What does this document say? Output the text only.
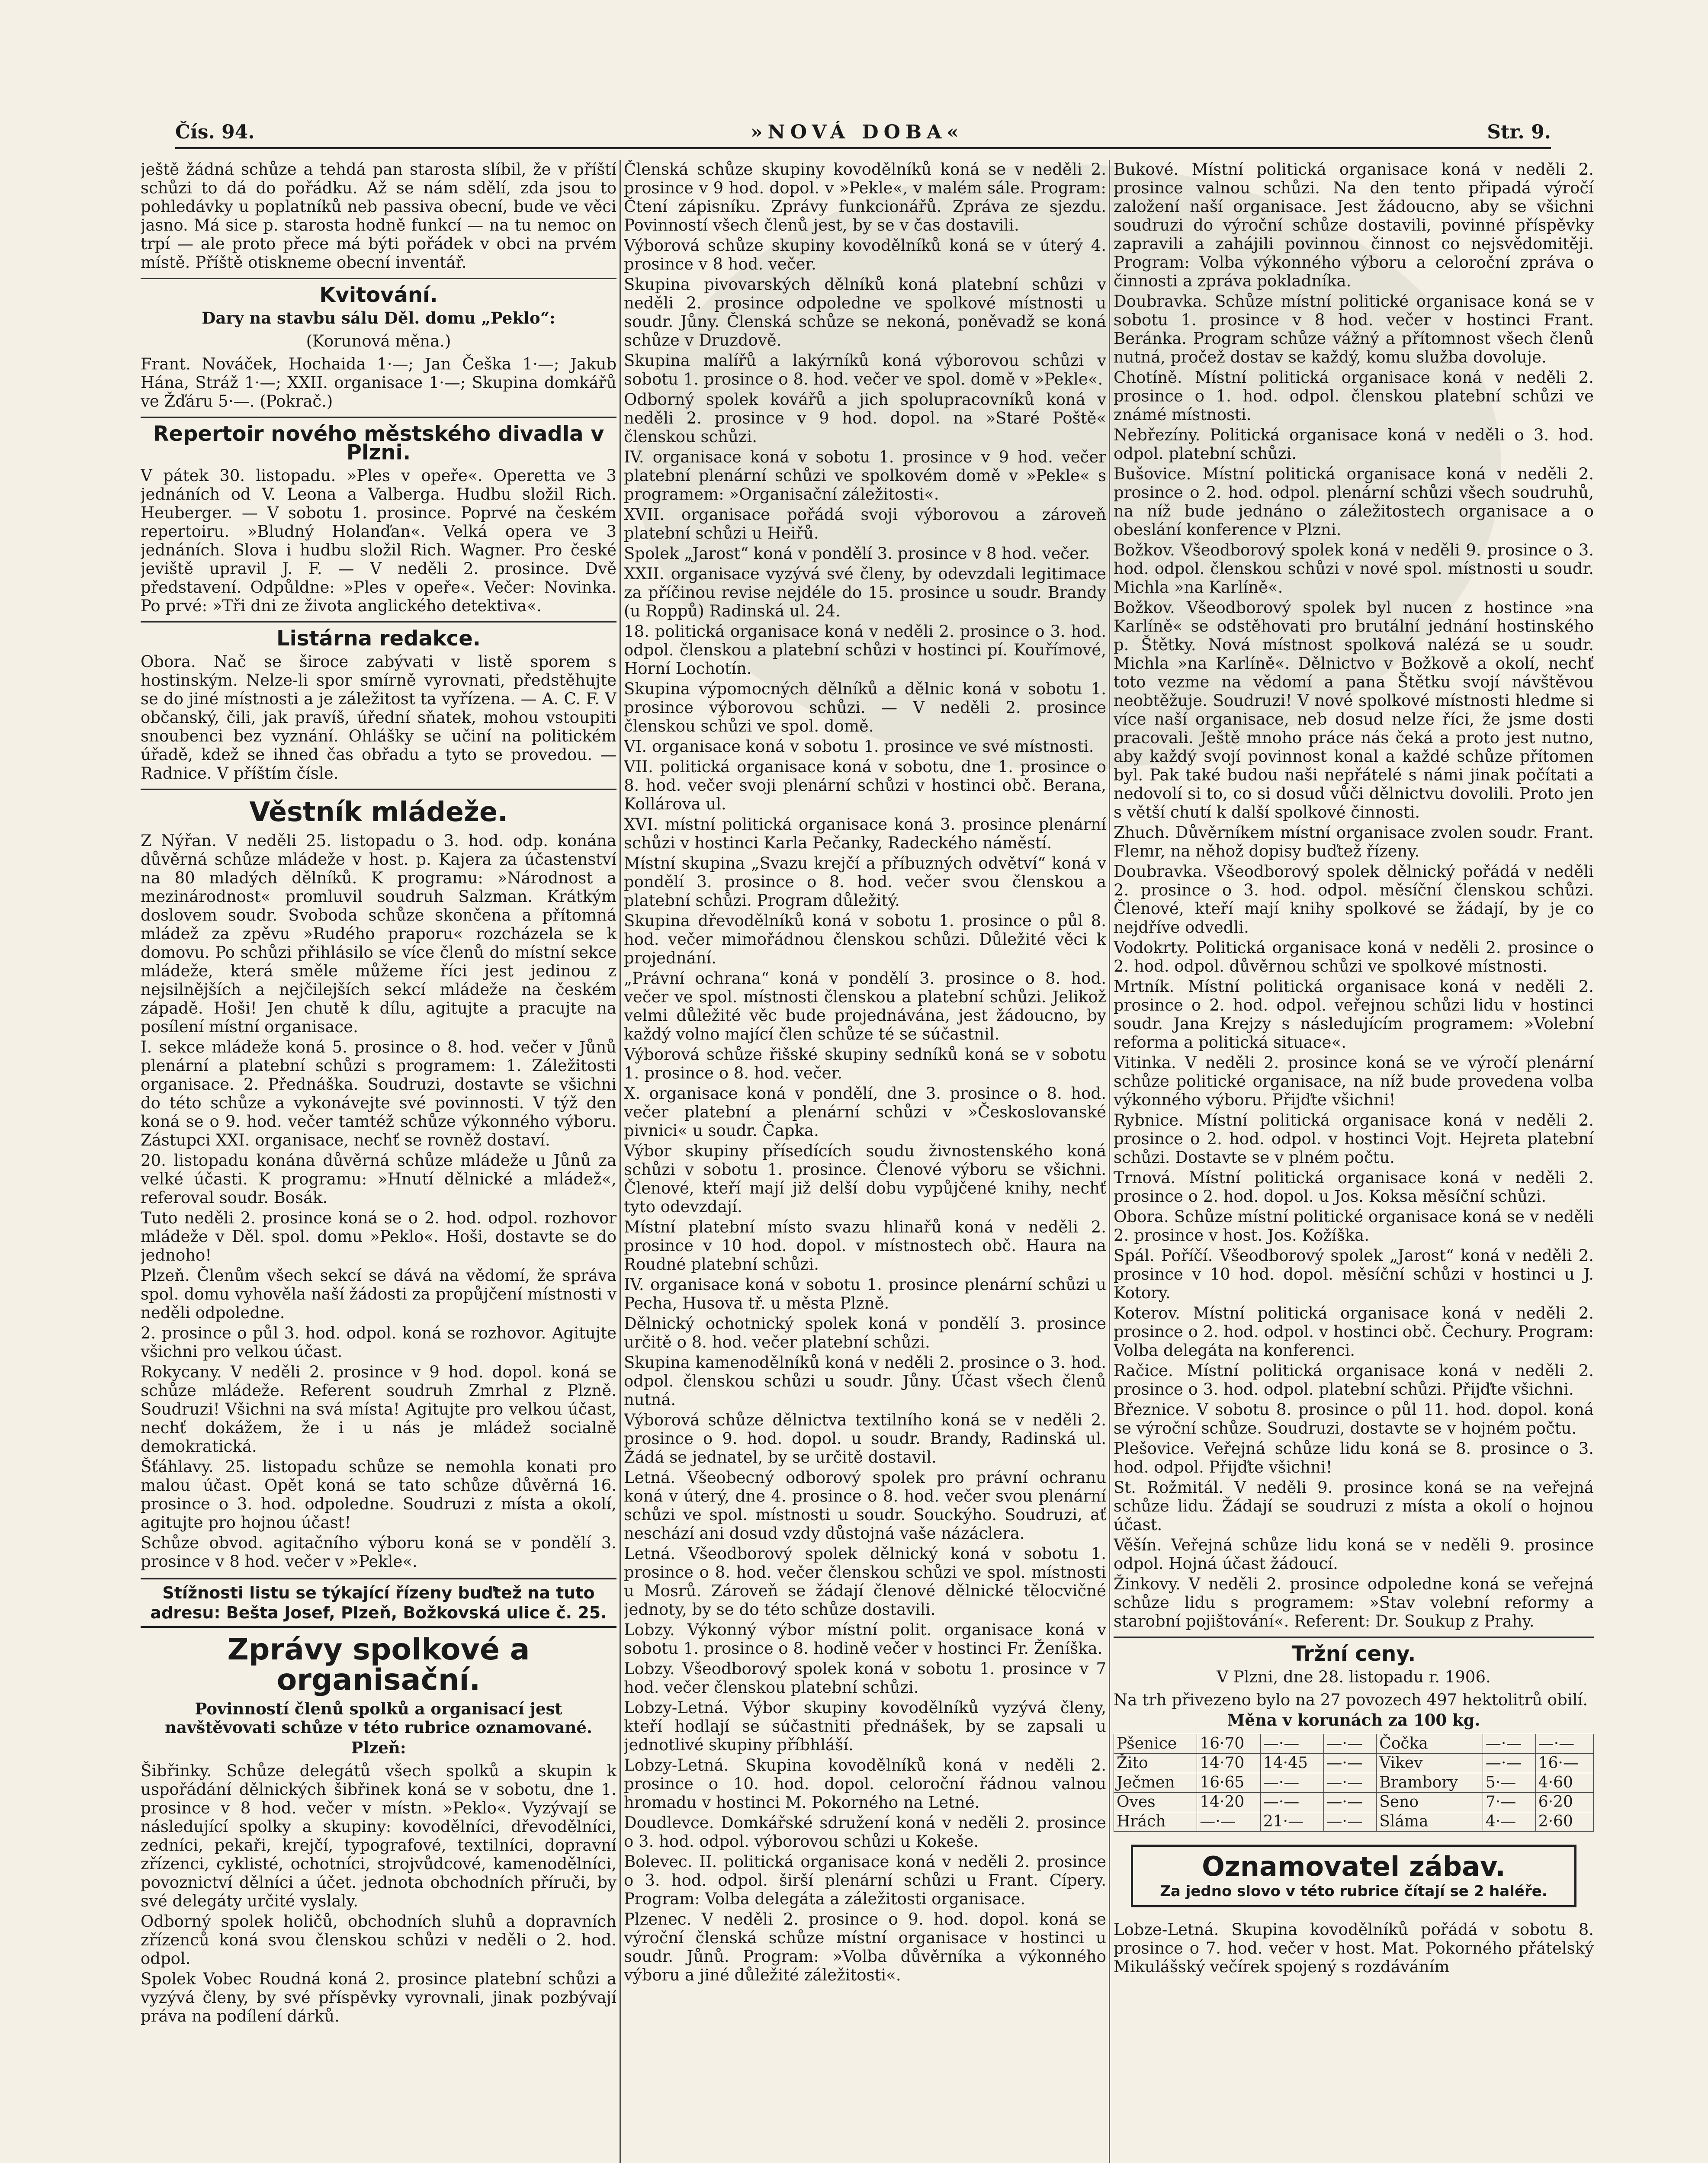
Čís. 94.	»NOVÁ DOBA«	Str. 9.

ještě žádná schůze a tehdá pan starosta slíbil, že v příští schůzi to dá do pořádku. Až se nám sdělí, zda jsou to pohledávky u poplatníků neb passiva obecní, bude ve věci jasno. Má sice p. starosta hodně funkcí — na tu nemoc on trpí — ale proto přece má býti pořádek v obci na prvém místě. Příště otiskneme obecní inventář.

Kvitování.
Dary na stavbu sálu Děl. domu „Peklo“:
(Korunová měna.)

Frant. Nováček, Hochaida 1·—; Jan Češka 1·—; Jakub Hána, Stráž 1·—; XXII. organisace 1·—; Skupina domkářů ve Žďáru 5·—. (Pokrač.)

Repertoir nového městského divadla v Plzni.

V pátek 30. listopadu. »Ples v opeře«. Operetta ve 3 jednáních od V. Leona a Valberga. Hudbu složil Rich. Heuberger. — V sobotu 1. prosince. Poprvé na českém repertoiru. »Bludný Holanďan«. Velká opera ve 3 jednáních. Slova i hudbu složil Rich. Wagner. Pro české jeviště upravil J. F. — V neděli 2. prosince. Dvě představení. Odpůldne: »Ples v opeře«. Večer: Novinka. Po prvé: »Tři dni ze života anglického detektiva«.

Listárna redakce.

Obora. Nač se široce zabývati v listě sporem s hostinským. Nelze-li spor smírně vyrovnati, předstěhujte se do jiné místnosti a je záležitost ta vyřízena. — A. C. F. V občanský, čili, jak pravíš, úřední sňatek, mohou vstoupiti snoubenci bez vyznání. Ohlášky se učiní na politickém úřadě, kdež se ihned čas obřadu a tyto se provedou. — Radnice. V příštím čísle.

Věstník mládeže.

Z Nýřan. V neděli 25. listopadu o 3. hod. odp. konána důvěrná schůze mládeže v host. p. Kajera za účastenství na 80 mladých dělníků. K programu: »Národnost a mezinárodnost« promluvil soudruh Salzman. Krátkým doslovem soudr. Svoboda schůze skončena a přítomná mládež za zpěvu »Rudého praporu« rozcházela se k domovu. Po schůzi přihlásilo se více členů do místní sekce mládeže, která směle můžeme říci jest jedinou z nejsilnějších a nejčilejších sekcí mládeže na českém západě. Hoši! Jen chutě k dílu, agitujte a pracujte na posílení místní organisace.

I. sekce mládeže koná 5. prosince o 8. hod. večer v Jůnů plenární a platební schůzi s programem: 1. Záležitosti organisace. 2. Přednáška. Soudruzi, dostavte se všichni do této schůze a vykonávejte své povinnosti. V týž den koná se o 9. hod. večer tamtéž schůze výkonného výboru. Zástupci XXI. organisace, nechť se rovněž dostaví.

20. listopadu konána důvěrná schůze mládeže u Jůnů za velké účasti. K programu: »Hnutí dělnické a mládež«, referoval soudr. Bosák.

Tuto neděli 2. prosince koná se o 2. hod. odpol. rozhovor mládeže v Děl. spol. domu »Peklo«. Hoši, dostavte se do jednoho!

Plzeň. Členům všech sekcí se dává na vědomí, že správa spol. domu vyhověla naší žádosti za propůjčení místnosti v neděli odpoledne.

2. prosince o půl 3. hod. odpol. koná se rozhovor. Agitujte všichni pro velkou účast.

Rokycany. V neděli 2. prosince v 9 hod. dopol. koná se schůze mládeže. Referent soudruh Zmrhal z Plzně. Soudruzi! Všichni na svá místa! Agitujte pro velkou účast, nechť dokážem, že i u nás je mládež socialně demokratická.

Šťáhlavy. 25. listopadu schůze se nemohla konati pro malou účast. Opět koná se tato schůze důvěrná 16. prosince o 3. hod. odpoledne. Soudruzi z místa a okolí, agitujte pro hojnou účast!

Schůze obvod. agitačního výboru koná se v pondělí 3. prosince v 8 hod. večer v »Pekle«.

Stížnosti listu se týkající řízeny buďtež na tuto adresu: Bešta Josef, Plzeň, Božkovská ulice č. 25.
Zprávy spolkové a organisační.

Povinností členů spolků a organisací jest navštěvovati schůze v této rubrice oznamované.

Plzeň:

Šibřinky. Schůze delegátů všech spolků a skupin k uspořádání dělnických šibřinek koná se v sobotu, dne 1. prosince v 8 hod. večer v místn. »Peklo«. Vyzývají se následující spolky a skupiny: kovodělníci, dřevodělníci, zedníci, pekaři, krejčí, typografové, textilníci, dopravní zřízenci, cyklisté, ochotníci, strojvůdcové, kamenodělníci, povoznictví dělníci a účet. jednota obchodních příruči, by své delegáty určité vyslaly.

Odborný spolek holičů, obchodních sluhů a dopravních zřízenců koná svou členskou schůzi v neděli o 2. hod. odpol.

Spolek Vobec Roudná koná 2. prosince platební schůzi a vyzývá členy, by své příspěvky vyrovnali, jinak pozbývají práva na podílení dárků.

Členská schůze skupiny kovodělníků koná se v neděli 2. prosince v 9 hod. dopol. v »Pekle«, v malém sále. Program: Čtení zápisníku. Zprávy funkcionářů. Zpráva ze sjezdu. Povinností všech členů jest, by se v čas dostavili.

Výborová schůze skupiny kovodělníků koná se v úterý 4. prosince v 8 hod. večer.

Skupina pivovarských dělníků koná platební schůzi v neděli 2. prosince odpoledne ve spolkové místnosti u soudr. Jůny. Členská schůze se nekoná, poněvadž se koná schůze v Druzdově.

Skupina malířů a lakýrníků koná výborovou schůzi v sobotu 1. prosince o 8. hod. večer ve spol. domě v »Pekle«.

Odborný spolek kovářů a jich spolupracovníků koná v neděli 2. prosince v 9 hod. dopol. na »Staré Poště« členskou schůzi.

IV. organisace koná v sobotu 1. prosince v 9 hod. večer platební plenární schůzi ve spolkovém domě v »Pekle« s programem: »Organisační záležitosti«.

XVII. organisace pořádá svoji výborovou a zároveň platební schůzi u Heiřů.

Spolek „Jarost“ koná v pondělí 3. prosince v 8 hod. večer.

XXII. organisace vyzývá své členy, by odevzdali legitimace za příčinou revise nejdéle do 15. prosince u soudr. Brandy (u Roppů) Radinská ul. 24.

18. politická organisace koná v neděli 2. prosince o 3. hod. odpol. členskou a platební schůzi v hostinci pí. Kouřímové, Horní Lochotín.

Skupina výpomocných dělníků a dělnic koná v sobotu 1. prosince výborovou schůzi. — V neděli 2. prosince členskou schůzi ve spol. domě.

VI. organisace koná v sobotu 1. prosince ve své místnosti.

VII. politická organisace koná v sobotu, dne 1. prosince o 8. hod. večer svoji plenární schůzi v hostinci obč. Berana, Kollárova ul.

XVI. místní politická organisace koná 3. prosince plenární schůzi v hostinci Karla Pečanky, Radeckého náměstí.

Místní skupina „Svazu krejčí a příbuzných odvětví“ koná v pondělí 3. prosince o 8. hod. večer svou členskou a platební schůzi. Program důležitý.

Skupina dřevodělníků koná v sobotu 1. prosince o půl 8. hod. večer mimořádnou členskou schůzi. Důležité věci k projednání.

„Právní ochrana“ koná v pondělí 3. prosince o 8. hod. večer ve spol. místnosti členskou a platební schůzi. Jelikož velmi důležité věc bude projednávána, jest žádoucno, by každý volno mající člen schůze té se súčastnil.

Výborová schůze řišské skupiny sedníků koná se v sobotu 1. prosince o 8. hod. večer.

X. organisace koná v pondělí, dne 3. prosince o 8. hod. večer platební a plenární schůzi v »Českoslovanské pivnici« u soudr. Čapka.

Výbor skupiny přísedících soudu živnostenského koná schůzi v sobotu 1. prosince. Členové výboru se všichni. Členové, kteří mají již delší dobu vypůjčené knihy, nechť tyto odevzdají.

Místní platební místo svazu hlinařů koná v neděli 2. prosince v 10 hod. dopol. v místnostech obč. Haura na Roudné platební schůzi.

IV. organisace koná v sobotu 1. prosince plenární schůzi u Pecha, Husova tř. u města Plzně.

Dělnický ochotnický spolek koná v pondělí 3. prosince určitě o 8. hod. večer platební schůzi.

Skupina kamenodělníků koná v neděli 2. prosince o 3. hod. odpol. členskou schůzi u soudr. Jůny. Účast všech členů nutná.

Výborová schůze dělnictva textilního koná se v neděli 2. prosince o 9. hod. dopol. u soudr. Brandy, Radinská ul. Žádá se jednatel, by se určitě dostavil.

Letná. Všeobecný odborový spolek pro právní ochranu koná v úterý, dne 4. prosince o 8. hod. večer svou plenární schůzi ve spol. místnosti u soudr. Souckýho. Soudruzi, ať neschází ani dosud vzdy důstojná vaše názáclera.

Letná. Všeodborový spolek dělnický koná v sobotu 1. prosince o 8. hod. večer členskou schůzi ve spol. místnosti u Mosrů. Zároveň se žádají členové dělnické tělocvičné jednoty, by se do této schůze dostavili.

Lobzy. Výkonný výbor místní polit. organisace koná v sobotu 1. prosince o 8. hodině večer v hostinci Fr. Ženíška.

Lobzy. Všeodborový spolek koná v sobotu 1. prosince v 7 hod. večer členskou platební schůzi.

Lobzy-Letná. Výbor skupiny kovodělníků vyzývá členy, kteří hodlají se súčastniti přednášek, by se zapsali u jednotlivé skupiny příbhláší.

Lobzy-Letná. Skupina kovodělníků koná v neděli 2. prosince o 10. hod. dopol. celoroční řádnou valnou hromadu v hostinci M. Pokorného na Letné.

Doudlevce. Domkářské sdružení koná v neděli 2. prosince o 3. hod. odpol. výborovou schůzi u Kokeše.

Bolevec. II. politická organisace koná v neděli 2. prosince o 3. hod. odpol. širší plenární schůzi u Frant. Cípery. Program: Volba delegáta a záležitosti organisace.

Plzenec. V neděli 2. prosince o 9. hod. dopol. koná se výroční členská schůze místní organisace v hostinci u soudr. Jůnů. Program: »Volba důvěrníka a výkonného výboru a jiné důležité záležitosti«.

Bukové. Místní politická organisace koná v neděli 2. prosince valnou schůzi. Na den tento připadá výročí založení naší organisace. Jest žádoucno, aby se všichni soudruzi do výroční schůze dostavili, povinné příspěvky zapravili a zahájili povinnou činnost co nejsvědomitěji. Program: Volba výkonného výboru a celoroční zpráva o činnosti a zpráva pokladníka.

Doubravka. Schůze místní politické organisace koná se v sobotu 1. prosince v 8 hod. večer v hostinci Frant. Beránka. Program schůze vážný a přítomnost všech členů nutná, pročež dostav se každý, komu služba dovoluje.

Chotíně. Místní politická organisace koná v neděli 2. prosince o 1. hod. odpol. členskou platební schůzi ve známé místnosti.

Nebřezíny. Politická organisace koná v neděli o 3. hod. odpol. platební schůzi.

Bušovice. Místní politická organisace koná v neděli 2. prosince o 2. hod. odpol. plenární schůzi všech soudruhů, na níž bude jednáno o záležitostech organisace a o obeslání konference v Plzni.

Božkov. Všeodborový spolek koná v neděli 9. prosince o 3. hod. odpol. členskou schůzi v nové spol. místnosti u soudr. Michla »na Karlíně«.

Božkov. Všeodborový spolek byl nucen z hostince »na Karlíně« se odstěhovati pro brutální jednání hostinského p. Štětky. Nová místnost spolková nalézá se u soudr. Michla »na Karlíně«. Dělnictvo v Božkově a okolí, nechť toto vezme na vědomí a pana Štětku svojí návštěvou neobtěžuje. Soudruzi! V nové spolkové místnosti hledme si více naší organisace, neb dosud nelze říci, že jsme dosti pracovali. Ještě mnoho práce nás čeká a proto jest nutno, aby každý svojí povinnost konal a každé schůze přítomen byl. Pak také budou naši nepřátelé s námi jinak počítati a nedovolí si to, co si dosud vůči dělnictvu dovolili. Proto jen s větší chutí k další spolkové činnosti.

Zhuch. Důvěrníkem místní organisace zvolen soudr. Frant. Flemr, na něhož dopisy buďtež řízeny.

Doubravka. Všeodborový spolek dělnický pořádá v neděli 2. prosince o 3. hod. odpol. měsíční členskou schůzi. Členové, kteří mají knihy spolkové se žádají, by je co nejdříve odvedli.

Vodokrty. Politická organisace koná v neděli 2. prosince o 2. hod. odpol. důvěrnou schůzi ve spolkové místnosti.

Mrtník. Místní politická organisace koná v neděli 2. prosince o 2. hod. odpol. veřejnou schůzi lidu v hostinci soudr. Jana Krejzy s následujícím programem: »Volební reforma a politická situace«.

Vitinka. V neděli 2. prosince koná se ve výročí plenární schůze politické organisace, na níž bude provedena volba výkonného výboru. Přijďte všichni!

Rybnice. Místní politická organisace koná v neděli 2. prosince o 2. hod. odpol. v hostinci Vojt. Hejreta platební schůzi. Dostavte se v plném počtu.

Trnová. Místní politická organisace koná v neděli 2. prosince o 2. hod. dopol. u Jos. Koksa měsíční schůzi.

Obora. Schůze místní politické organisace koná se v neděli 2. prosince v host. Jos. Kožíška.

Spál. Poříčí. Všeodborový spolek „Jarost“ koná v neděli 2. prosince v 10 hod. dopol. měsíční schůzi v hostinci u J. Kotory.

Koterov. Místní politická organisace koná v neděli 2. prosince o 2. hod. odpol. v hostinci obč. Čechury. Program: Volba delegáta na konferenci.

Račice. Místní politická organisace koná v neděli 2. prosince o 3. hod. odpol. platební schůzi. Přijďte všichni.

Březnice. V sobotu 8. prosince o půl 11. hod. dopol. koná se výroční schůze. Soudruzi, dostavte se v hojném počtu.

Plešovice. Veřejná schůze lidu koná se 8. prosince o 3. hod. odpol. Přijďte všichni!

St. Rožmitál. V neděli 9. prosince koná se na veřejná schůze lidu. Žádají se soudruzi z místa a okolí o hojnou účast.

Věšín. Veřejná schůze lidu koná se v neděli 9. prosince odpol. Hojná účast žádoucí.

Žinkovy. V neděli 2. prosince odpoledne koná se veřejná schůze lidu s programem: »Stav volební reformy a starobní pojištování«. Referent: Dr. Soukup z Prahy.

Tržní ceny.
V Plzni, dne 28. listopadu r. 1906.

Na trh přivezeno bylo na 27 povozech 497 hektolitrů obilí.

Měna v korunách za 100 kg.
Pšenice	16·70	—·—	—·—	Čočka	—·—	—·—
Žito	14·70	14·45	—·—	Vikev	—·—	16·—
Ječmen	16·65	—·—	—·—	Brambory	5·—	4·60
Oves	14·20	—·—	—·—	Seno	7·—	6·20
Hrách	—·—	21·—	—·—	Sláma	4·—	2·60
Oznamovatel zábav.
Za jedno slovo v této rubrice čítají se 2 haléře.

Lobze-Letná. Skupina kovodělníků pořádá v sobotu 8. prosince o 7. hod. večer v host. Mat. Pokorného přátelský Mikulášský večírek spojený s rozdáváním
